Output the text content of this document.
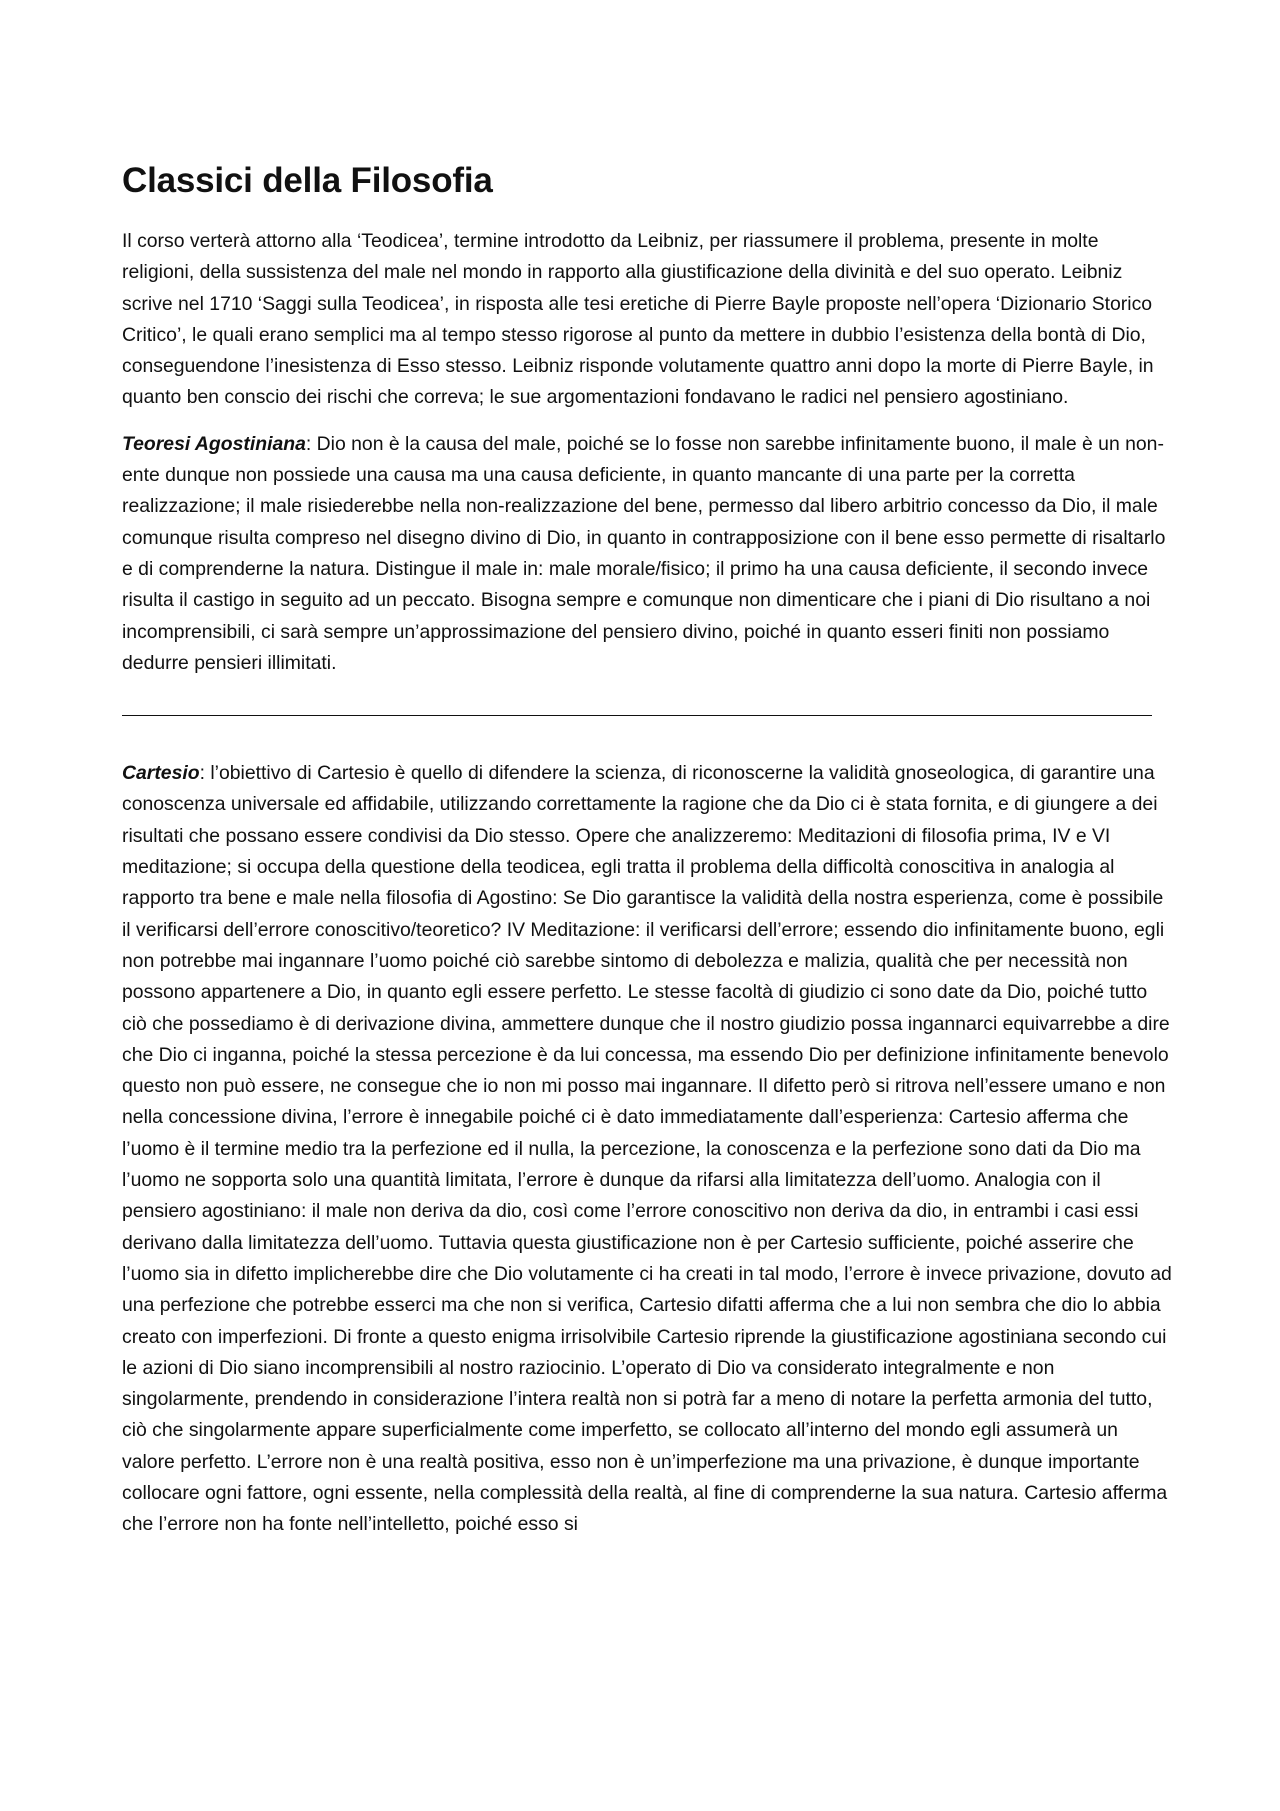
Classici della Filosofia

Il corso verterà attorno alla ‘Teodicea’, termine introdotto da Leibniz, per riassumere il problema, presente in molte religioni, della sussistenza del male nel mondo in rapporto alla giustificazione della divinità e del suo operato. Leibniz scrive nel 1710 ‘Saggi sulla Teodicea’, in risposta alle tesi eretiche di Pierre Bayle proposte nell’opera ‘Dizionario Storico Critico’, le quali erano semplici ma al tempo stesso rigorose al punto da mettere in dubbio l’esistenza della bontà di Dio, conseguendone l’inesistenza di Esso stesso. Leibniz risponde volutamente quattro anni dopo la morte di Pierre Bayle, in quanto ben conscio dei rischi che correva; le sue argomentazioni fondavano le radici nel pensiero agostiniano.

Teoresi Agostiniana: Dio non è la causa del male, poiché se lo fosse non sarebbe infinitamente buono, il male è un non-ente dunque non possiede una causa ma una causa deficiente, in quanto mancante di una parte per la corretta realizzazione; il male risiederebbe nella non-realizzazione del bene, permesso dal libero arbitrio concesso da Dio, il male comunque risulta compreso nel disegno divino di Dio, in quanto in contrapposizione con il bene esso permette di risaltarlo e di comprenderne la natura. Distingue il male in: male morale/fisico; il primo ha una causa deficiente, il secondo invece risulta il castigo in seguito ad un peccato. Bisogna sempre e comunque non dimenticare che i piani di Dio risultano a noi incomprensibili, ci sarà sempre un’approssimazione del pensiero divino, poiché in quanto esseri finiti non possiamo dedurre pensieri illimitati.

Cartesio: l’obiettivo di Cartesio è quello di difendere la scienza, di riconoscerne la validità gnoseologica, di garantire una conoscenza universale ed affidabile, utilizzando correttamente la ragione che da Dio ci è stata fornita, e di giungere a dei risultati che possano essere condivisi da Dio stesso. Opere che analizzeremo: Meditazioni di filosofia prima, IV e VI meditazione; si occupa della questione della teodicea, egli tratta il problema della difficoltà conoscitiva in analogia al rapporto tra bene e male nella filosofia di Agostino: Se Dio garantisce la validità della nostra esperienza, come è possibile il verificarsi dell’errore conoscitivo/teoretico? IV Meditazione: il verificarsi dell’errore; essendo dio infinitamente buono, egli non potrebbe mai ingannare l’uomo poiché ciò sarebbe sintomo di debolezza e malizia, qualità che per necessità non possono appartenere a Dio, in quanto egli essere perfetto. Le stesse facoltà di giudizio ci sono date da Dio, poiché tutto ciò che possediamo è di derivazione divina, ammettere dunque che il nostro giudizio possa ingannarci equivarrebbe a dire che Dio ci inganna, poiché la stessa percezione è da lui concessa, ma essendo Dio per definizione infinitamente benevolo questo non può essere, ne consegue che io non mi posso mai ingannare. Il difetto però si ritrova nell’essere umano e non nella concessione divina, l’errore è innegabile poiché ci è dato immediatamente dall’esperienza: Cartesio afferma che l’uomo è il termine medio tra la perfezione ed il nulla, la percezione, la conoscenza e la perfezione sono dati da Dio ma l’uomo ne sopporta solo una quantità limitata, l’errore è dunque da rifarsi alla limitatezza dell’uomo. Analogia con il pensiero agostiniano: il male non deriva da dio, così come l’errore conoscitivo non deriva da dio, in entrambi i casi essi derivano dalla limitatezza dell’uomo. Tuttavia questa giustificazione non è per Cartesio sufficiente, poiché asserire che l’uomo sia in difetto implicherebbe dire che Dio volutamente ci ha creati in tal modo, l’errore è invece privazione, dovuto ad una perfezione che potrebbe esserci ma che non si verifica, Cartesio difatti afferma che a lui non sembra che dio lo abbia creato con imperfezioni. Di fronte a questo enigma irrisolvibile Cartesio riprende la giustificazione agostiniana secondo cui le azioni di Dio siano incomprensibili al nostro raziocinio. L’operato di Dio va considerato integralmente e non singolarmente, prendendo in considerazione l’intera realtà non si potrà far a meno di notare la perfetta armonia del tutto, ciò che singolarmente appare superficialmente come imperfetto, se collocato all’interno del mondo egli assumerà un valore perfetto. L’errore non è una realtà positiva, esso non è un’imperfezione ma una privazione, è dunque importante collocare ogni fattore, ogni essente, nella complessità della realtà, al fine di comprenderne la sua natura. Cartesio afferma che l’errore non ha fonte nell’intelletto, poiché esso si
